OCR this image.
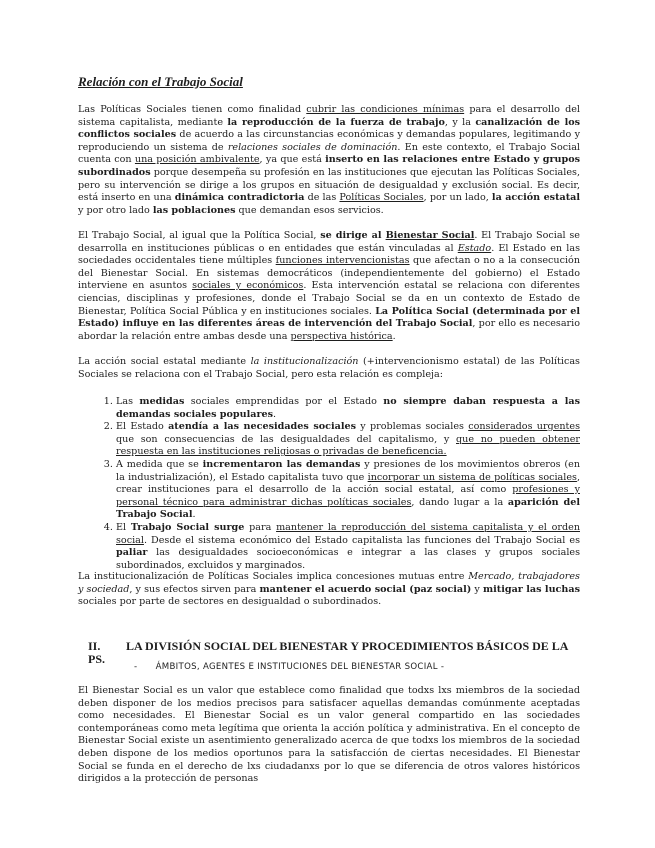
Relación con el Trabajo Social
Las Políticas Sociales tienen como finalidad cubrir las condiciones mínimas para el desarrollo del sistema capitalista, mediante la reproducción de la fuerza de trabajo, y la canalización de los conflictos sociales de acuerdo a las circunstancias económicas y demandas populares, legitimando y reproduciendo un sistema de relaciones sociales de dominación. En este contexto, el Trabajo Social cuenta con una posición ambivalente, ya que está inserto en las relaciones entre Estado y grupos subordinados porque desempeña su profesión en las instituciones que ejecutan las Políticas Sociales, pero su intervención se dirige a los grupos en situación de desigualdad y exclusión social. Es decir, está inserto en una dinámica contradictoria de las Políticas Sociales, por un lado, la acción estatal y por otro lado las poblaciones que demandan esos servicios.
El Trabajo Social, al igual que la Política Social, se dirige al Bienestar Social. El Trabajo Social se desarrolla en instituciones públicas o en entidades que están vinculadas al Estado. El Estado en las sociedades occidentales tiene múltiples funciones intervencionistas que afectan o no a la consecución del Bienestar Social. En sistemas democráticos (independientemente del gobierno) el Estado interviene en asuntos sociales y económicos. Esta intervención estatal se relaciona con diferentes ciencias, disciplinas y profesiones, donde el Trabajo Social se da en un contexto de Estado de Bienestar, Política Social Pública y en instituciones sociales. La Política Social (determinada por el Estado) influye en las diferentes áreas de intervención del Trabajo Social, por ello es necesario abordar la relación entre ambas desde una perspectiva histórica.
La acción social estatal mediante la institucionalización (+intervencionismo estatal) de las Políticas Sociales se relaciona con el Trabajo Social, pero esta relación es compleja:
1. Las medidas sociales emprendidas por el Estado no siempre daban respuesta a las demandas sociales populares.
2. El Estado atendía a las necesidades sociales y problemas sociales considerados urgentes que son consecuencias de las desigualdades del capitalismo, y que no pueden obtener respuesta en las instituciones religiosas o privadas de beneficencia.
3. A medida que se incrementaron las demandas y presiones de los movimientos obreros (en la industrialización), el Estado capitalista tuvo que incorporar un sistema de políticas sociales, crear instituciones para el desarrollo de la acción social estatal, así como profesiones y personal técnico para administrar dichas políticas sociales, dando lugar a la aparición del Trabajo Social.
4. El Trabajo Social surge para mantener la reproducción del sistema capitalista y el orden social. Desde el sistema económico del Estado capitalista las funciones del Trabajo Social es paliar las desigualdades socioeconómicas e integrar a las clases y grupos sociales subordinados, excluidos y marginados.
La institucionalización de Políticas Sociales implica concesiones mutuas entre Mercado, trabajadores y sociedad, y sus efectos sirven para mantener el acuerdo social (paz social) y mitigar las luchas sociales por parte de sectores en desigualdad o subordinados.
II. LA DIVISIÓN SOCIAL DEL BIENESTAR Y PROCEDIMIENTOS BÁSICOS DE LA PS.
-      ÁMBITOS, AGENTES E INSTITUCIONES DEL BIENESTAR SOCIAL -
El Bienestar Social es un valor que establece como finalidad que todxs lxs miembros de la sociedad deben disponer de los medios precisos para satisfacer aquellas demandas comúnmente aceptadas como necesidades. El Bienestar Social es un valor general compartido en las sociedades contemporáneas como meta legítima que orienta la acción política y administrativa. En el concepto de Bienestar Social existe un asentimiento generalizado acerca de que todxs los miembros de la sociedad deben dispone de los medios oportunos para la satisfacción de ciertas necesidades. El Bienestar Social se funda en el derecho de lxs ciudadanxs por lo que se diferencia de otros valores históricos dirigidos a la protección de personas
